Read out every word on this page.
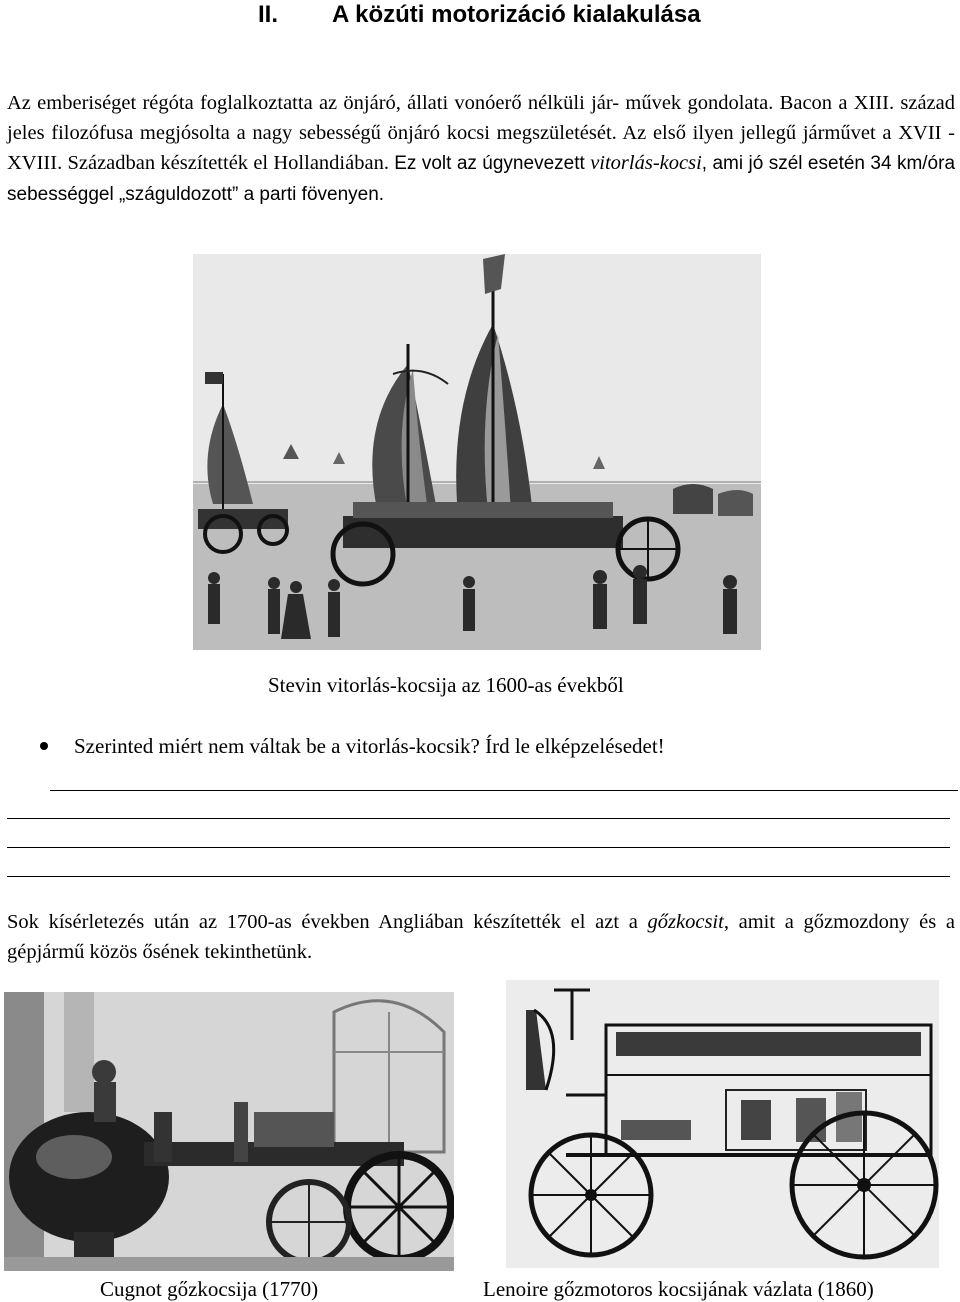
II. A közúti motorizáció kialakulása
Az emberiséget régóta foglalkoztatta az önjáró, állati vonóerő nélküli jár- művek gondolata. Bacon a XIII. század jeles filozófusa megjósolta a nagy sebességű önjáró kocsi megszületését. Az első ilyen jellegű járművet a XVII - XVIII. Században készítették el Hollandiában. Ez volt az úgynevezett vitorlás-kocsi, ami jó szél esetén 34 km/óra sebességgel „száguldozott” a parti fövenyen.
Stevin vitorlás-kocsija az 1600-as évekből
Szerinted miért nem váltak be a vitorlás-kocsik? Írd le elképzelésedet!
Sok kísérletezés után az 1700-as években Angliában készítették el azt a gőzkocsit, amit a gőzmozdony és a gépjármű közös ősének tekinthetünk.
Cugnot gőzkocsija (1770)	Lenoire gőzmotoros kocsijának vázlata (1860)
